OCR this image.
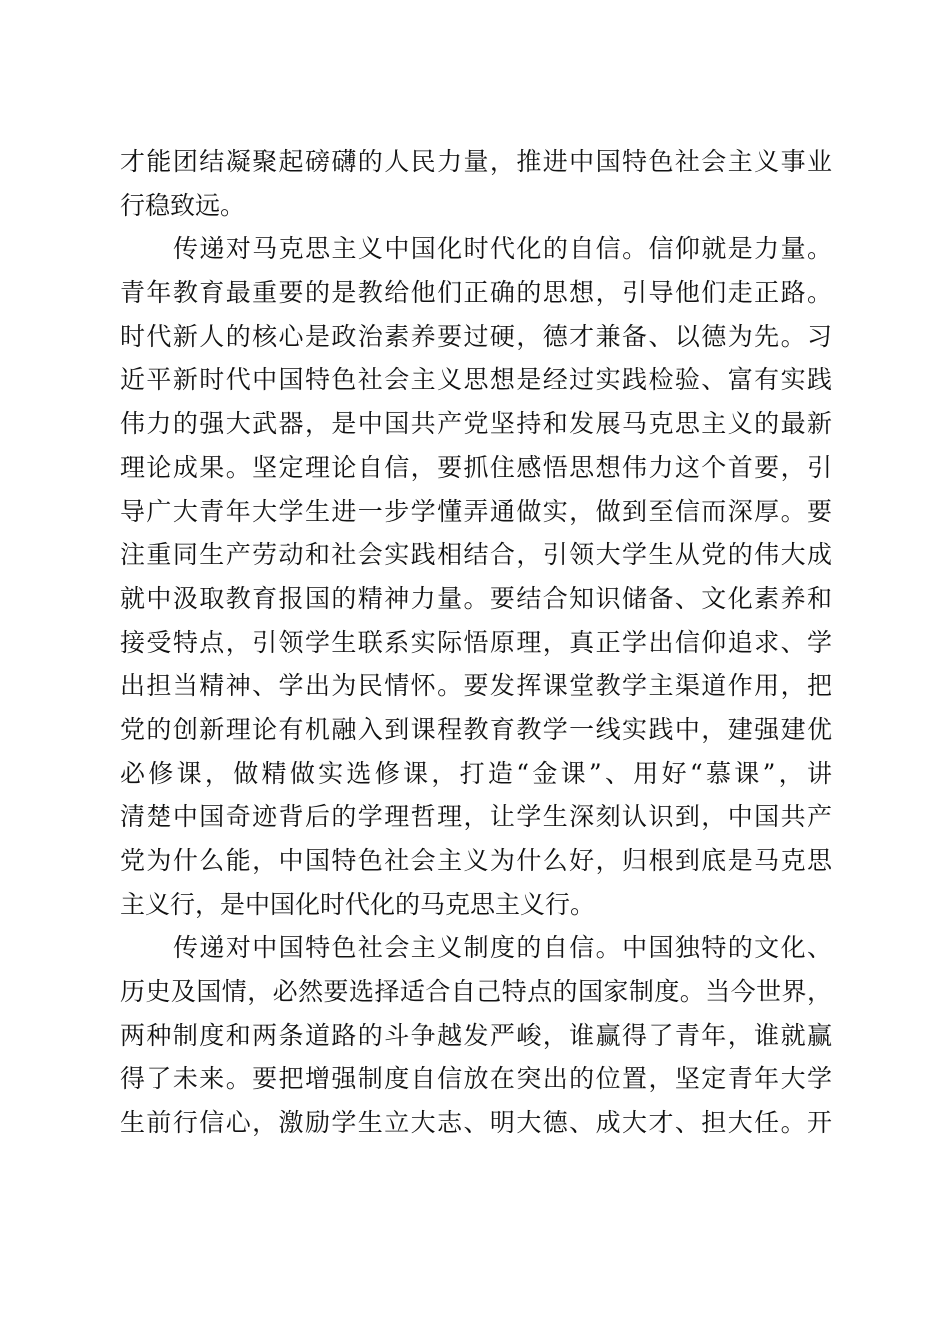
才能团结凝聚起磅礴的人民力量，推进中国特色社会主义事业
行稳致远。
传递对马克思主义中国化时代化的自信。信仰就是力量。
青年教育最重要的是教给他们正确的思想，引导他们走正路。
时代新人的核心是政治素养要过硬，德才兼备、以德为先。习
近平新时代中国特色社会主义思想是经过实践检验、富有实践
伟力的强大武器，是中国共产党坚持和发展马克思主义的最新
理论成果。坚定理论自信，要抓住感悟思想伟力这个首要，引
导广大青年大学生进一步学懂弄通做实，做到至信而深厚。要
注重同生产劳动和社会实践相结合，引领大学生从党的伟大成
就中汲取教育报国的精神力量。要结合知识储备、文化素养和
接受特点，引领学生联系实际悟原理，真正学出信仰追求、学
出担当精神、学出为民情怀。要发挥课堂教学主渠道作用，把
党的创新理论有机融入到课程教育教学一线实践中，建强建优
必修课，做精做实选修课，打造“金课”、用好“慕课”，讲
清楚中国奇迹背后的学理哲理，让学生深刻认识到，中国共产
党为什么能，中国特色社会主义为什么好，归根到底是马克思
主义行，是中国化时代化的马克思主义行。
传递对中国特色社会主义制度的自信。中国独特的文化、
历史及国情，必然要选择适合自己特点的国家制度。当今世界，
两种制度和两条道路的斗争越发严峻，谁赢得了青年，谁就赢
得了未来。要把增强制度自信放在突出的位置，坚定青年大学
生前行信心，激励学生立大志、明大德、成大才、担大任。开
